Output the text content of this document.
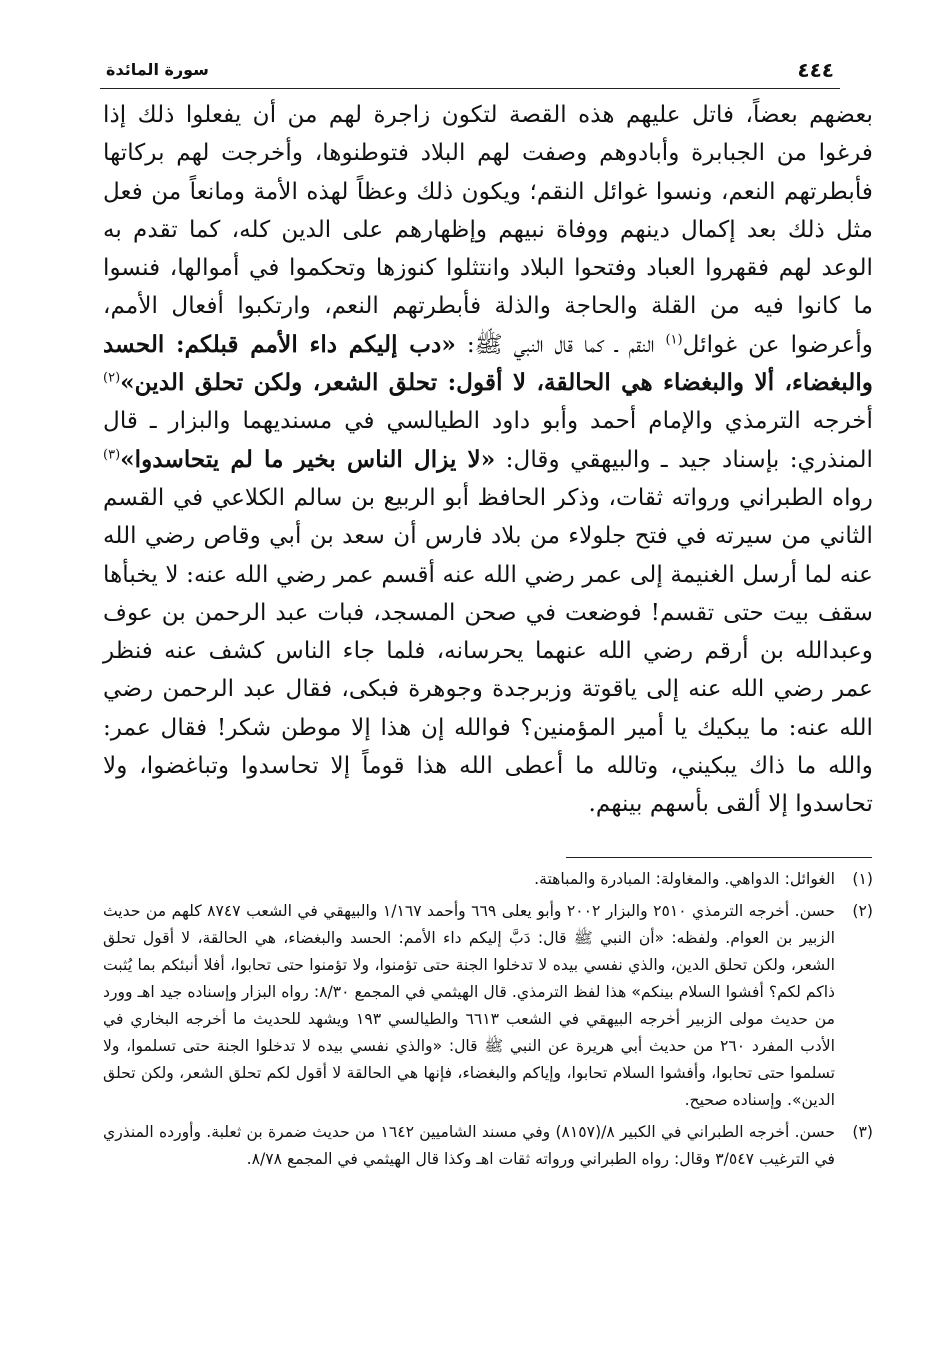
٤٤٤
سورة المائدة

بعضهم بعضاً، فاتل عليهم هذه القصة لتكون زاجرة لهم من أن يفعلوا ذلك إذا فرغوا من الجبابرة وأبادوهم وصفت لهم البلاد فتوطنوها، وأخرجت لهم بركاتها فأبطرتهم النعم، ونسوا غوائل النقم؛ ويكون ذلك وعظاً لهذه الأمة ومانعاً من فعل مثل ذلك بعد إكمال دينهم ووفاة نبيهم وإظهارهم على الدين كله، كما تقدم به الوعد لهم فقهروا العباد وفتحوا البلاد وانتثلوا كنوزها وتحكموا في أموالها، فنسوا ما كانوا فيه من القلة والحاجة والذلة فأبطرتهم النعم، وارتكبوا أفعال الأمم، وأعرضوا عن غوائل$^{(١)}$ النقم ـ كما قال النبي ﷺ: «دب إليكم داء الأمم قبلكم: الحسد والبغضاء، ألا والبغضاء هي الحالقة، لا أقول: تحلق الشعر، ولكن تحلق الدين»$^{(٢)}$ أخرجه الترمذي والإمام أحمد وأبو داود الطيالسي في مسنديهما والبزار ـ قال المنذري: بإسناد جيد ـ والبيهقي وقال: «لا يزال الناس بخير ما لم يتحاسدوا»$^{(٣)}$ رواه الطبراني ورواته ثقات، وذكر الحافظ أبو الربيع بن سالم الكلاعي في القسم الثاني من سيرته في فتح جلولاء من بلاد فارس أن سعد بن أبي وقاص رضي الله عنه لما أرسل الغنيمة إلى عمر رضي الله عنه أقسم عمر رضي الله عنه: لا يخبأها سقف بيت حتى تقسم! فوضعت في صحن المسجد، فبات عبد الرحمن بن عوف وعبدالله بن أرقم رضي الله عنهما يحرسانه، فلما جاء الناس كشف عنه فنظر عمر رضي الله عنه إلى ياقوتة وزبرجدة وجوهرة فبكى، فقال عبد الرحمن رضي الله عنه: ما يبكيك يا أمير المؤمنين؟ فوالله إن هذا إلا موطن شكر! فقال عمر: والله ما ذاك يبكيني، وتالله ما أعطى الله هذا قوماً إلا تحاسدوا وتباغضوا، ولا تحاسدوا إلا ألقى بأسهم بينهم.

(١)
الغوائل: الدواهي. والمغاولة: المبادرة والمباهتة.
(٢)
حسن. أخرجه الترمذي ٢٥١٠ والبزار ٢٠٠٢ وأبو يعلى ٦٦٩ وأحمد ١/١٦٧ والبيهقي في الشعب ٨٧٤٧ كلهم من حديث الزبير بن العوام. ولفظه: «أن النبي ﷺ قال: دَبَّ إليكم داء الأمم: الحسد والبغضاء، هي الحالقة، لا أقول تحلق الشعر، ولكن تحلق الدين، والذي نفسي بيده لا تدخلوا الجنة حتى تؤمنوا، ولا تؤمنوا حتى تحابوا، أفلا أنبئكم بما يُثبت ذاكم لكم؟ أفشوا السلام بينكم» هذا لفظ الترمذي. قال الهيثمي في المجمع ٨/٣٠: رواه البزار وإسناده جيد اهـ وورد من حديث مولى الزبير أخرجه البيهقي في الشعب ٦٦١٣ والطيالسي ١٩٣ ويشهد للحديث ما أخرجه البخاري في الأدب المفرد ٢٦٠ من حديث أبي هريرة عن النبي ﷺ قال: «والذي نفسي بيده لا تدخلوا الجنة حتى تسلموا، ولا تسلموا حتى تحابوا، وأفشوا السلام تحابوا، وإياكم والبغضاء، فإنها هي الحالقة لا أقول لكم تحلق الشعر، ولكن تحلق الدين». وإسناده صحيح.
(٣)
حسن. أخرجه الطبراني في الكبير ٨/(٨١٥٧) وفي مسند الشاميين ١٦٤٢ من حديث ضمرة بن ثعلبة. وأورده المنذري في الترغيب ٣/٥٤٧ وقال: رواه الطبراني ورواته ثقات اهـ وكذا قال الهيثمي في المجمع ٨/٧٨.
